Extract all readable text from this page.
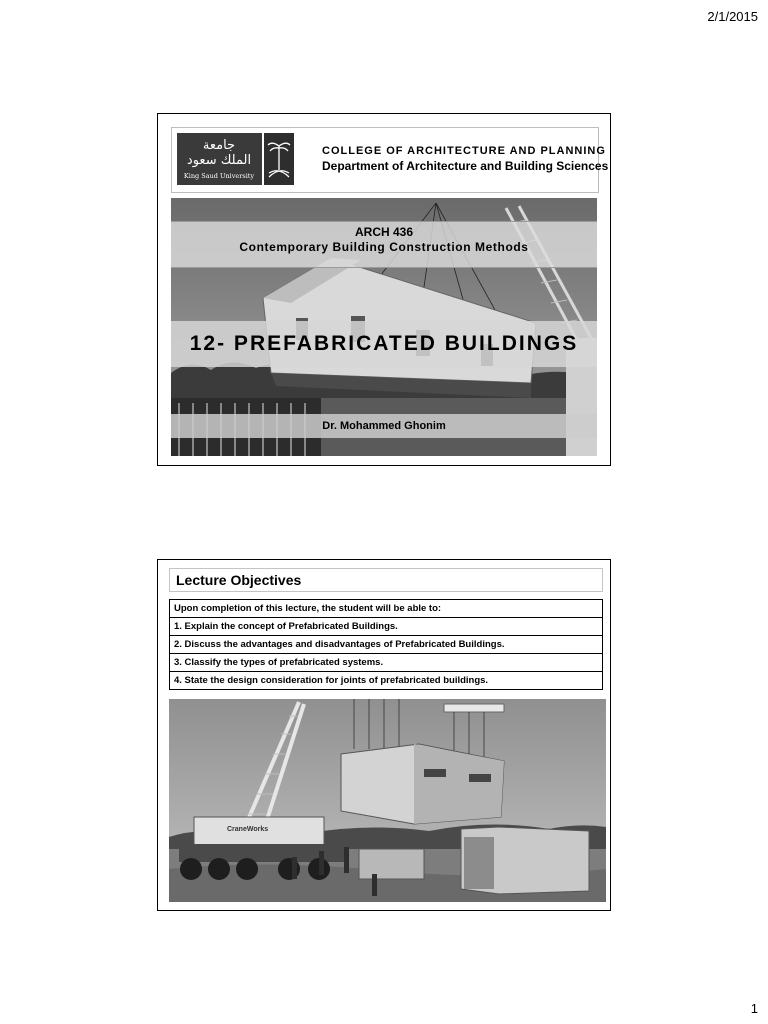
2/1/2015
جامعة
الملك سعود
King Saud University
COLLEGE OF ARCHITECTURE AND PLANNING
Department of Architecture and Building Sciences
ARCH 436
Contemporary Building Construction Methods
12- PREFABRICATED BUILDINGS
Dr. Mohammed Ghonim
Lecture Objectives
Upon completion of this lecture, the student will be able to:
1. Explain the concept of Prefabricated Buildings.
2. Discuss the advantages and disadvantages of Prefabricated Buildings.
3. Classify the types of prefabricated systems.
4. State the design consideration for joints of prefabricated buildings.
CraneWorks
1
